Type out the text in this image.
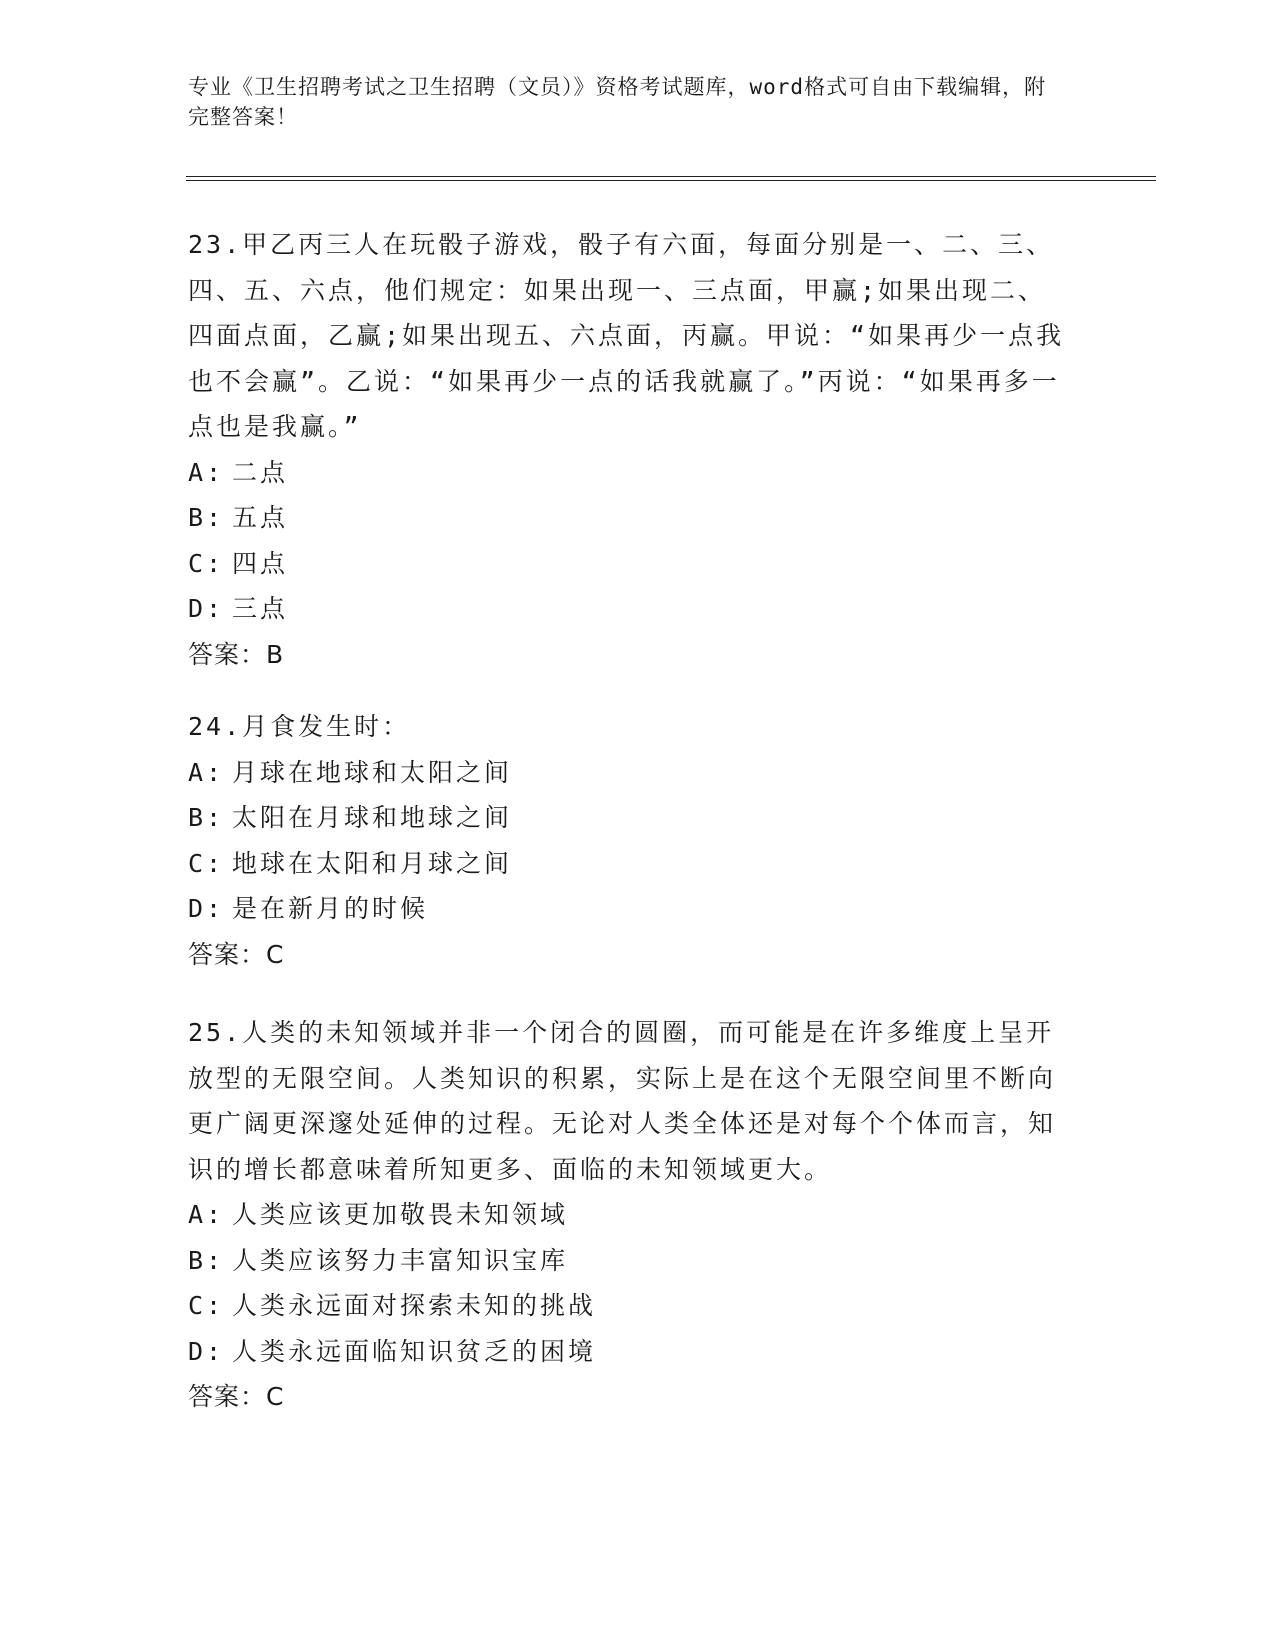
专业《卫生招聘考试之卫生招聘（文员）》资格考试题库，word格式可自由下载编辑，附完整答案！

23.甲乙丙三人在玩骰子游戏，骰子有六面，每面分别是一、二、三、四、五、六点，他们规定：如果出现一、三点面，甲赢;如果出现二、四面点面，乙赢;如果出现五、六点面，丙赢。甲说：“如果再少一点我也不会赢”。乙说：“如果再少一点的话我就赢了。”丙说：“如果再多一点也是我赢。”

A: 二点
B: 五点
C: 四点
D: 三点

答案：B

24.月食发生时：

A: 月球在地球和太阳之间
B: 太阳在月球和地球之间
C: 地球在太阳和月球之间
D: 是在新月的时候

答案：C

25.人类的未知领域并非一个闭合的圆圈，而可能是在许多维度上呈开放型的无限空间。人类知识的积累，实际上是在这个无限空间里不断向更广阔更深邃处延伸的过程。无论对人类全体还是对每个个体而言，知识的增长都意味着所知更多、面临的未知领域更大。

A: 人类应该更加敬畏未知领域
B: 人类应该努力丰富知识宝库
C: 人类永远面对探索未知的挑战
D: 人类永远面临知识贫乏的困境

答案：C
